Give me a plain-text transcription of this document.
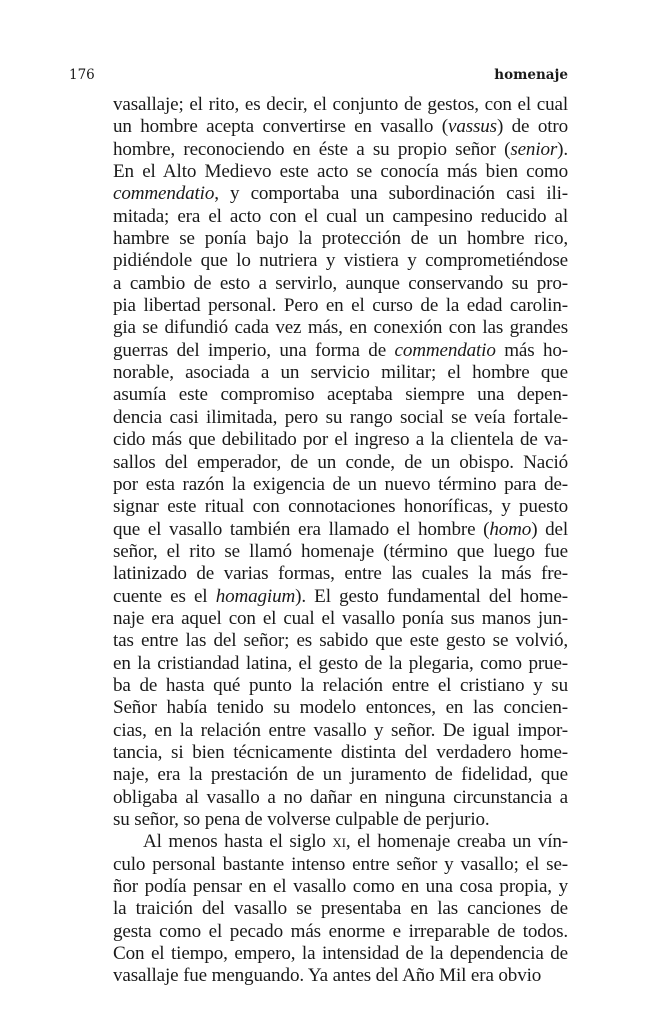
176	homenaje
vasallaje; el rito, es decir, el conjunto de gestos, con el cual
un hombre acepta convertirse en vasallo (vassus) de otro
hombre, reconociendo en éste a su propio señor (senior).
En el Alto Medievo este acto se conocía más bien como
commendatio, y comportaba una subordinación casi ili-
mitada; era el acto con el cual un campesino reducido al
hambre se ponía bajo la protección de un hombre rico,
pidiéndole que lo nutriera y vistiera y comprometiéndose
a cambio de esto a servirlo, aunque conservando su pro-
pia libertad personal. Pero en el curso de la edad carolin-
gia se difundió cada vez más, en conexión con las grandes
guerras del imperio, una forma de commendatio más ho-
norable, asociada a un servicio militar; el hombre que
asumía este compromiso aceptaba siempre una depen-
dencia casi ilimitada, pero su rango social se veía fortale-
cido más que debilitado por el ingreso a la clientela de va-
sallos del emperador, de un conde, de un obispo. Nació
por esta razón la exigencia de un nuevo término para de-
signar este ritual con connotaciones honoríficas, y puesto
que el vasallo también era llamado el hombre (homo) del
señor, el rito se llamó homenaje (término que luego fue
latinizado de varias formas, entre las cuales la más fre-
cuente es el homagium). El gesto fundamental del home-
naje era aquel con el cual el vasallo ponía sus manos jun-
tas entre las del señor; es sabido que este gesto se volvió,
en la cristiandad latina, el gesto de la plegaria, como prue-
ba de hasta qué punto la relación entre el cristiano y su
Señor había tenido su modelo entonces, en las concien-
cias, en la relación entre vasallo y señor. De igual impor-
tancia, si bien técnicamente distinta del verdadero home-
naje, era la prestación de un juramento de fidelidad, que
obligaba al vasallo a no dañar en ninguna circunstancia a
su señor, so pena de volverse culpable de perjurio.
Al menos hasta el siglo xi, el homenaje creaba un vín-
culo personal bastante intenso entre señor y vasallo; el se-
ñor podía pensar en el vasallo como en una cosa propia, y
la traición del vasallo se presentaba en las canciones de
gesta como el pecado más enorme e irreparable de todos.
Con el tiempo, empero, la intensidad de la dependencia de
vasallaje fue menguando. Ya antes del Año Mil era obvio
